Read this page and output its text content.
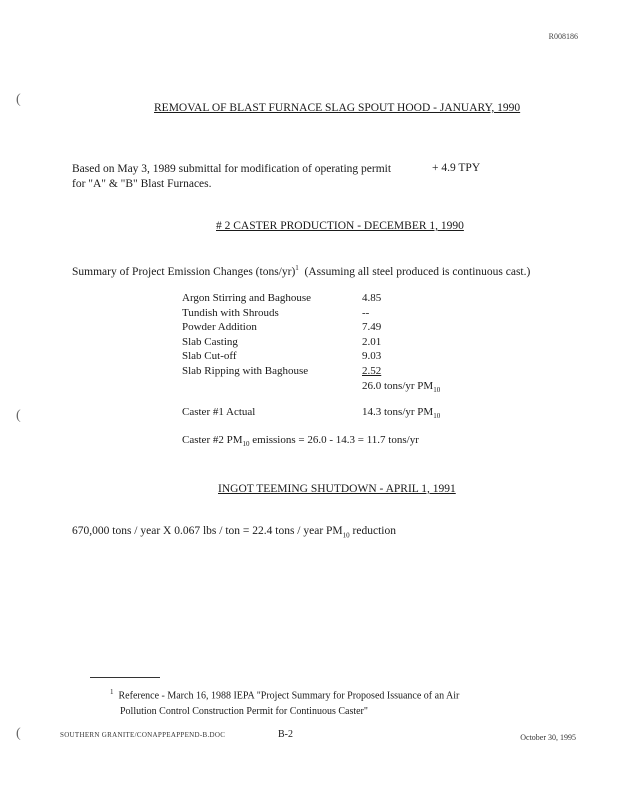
R008186
(
(
(
REMOVAL OF BLAST FURNACE SLAG SPOUT HOOD - JANUARY, 1990
Based on May 3, 1989 submittal for modification of operating permit
for "A" & "B" Blast Furnaces.
+ 4.9 TPY
# 2 CASTER PRODUCTION - DECEMBER 1, 1990
Summary of Project Emission Changes (tons/yr)$^1$ (Assuming all steel produced is continuous cast.)
Argon Stirring and Baghouse	4.85
Tundish with Shrouds	--
Powder Addition	7.49
Slab Casting	2.01
Slab Cut-off	9.03
Slab Ripping with Baghouse	2.52
26.0 tons/yr $PM_{10}$
Caster #1 Actual	14.3 tons/yr $PM_{10}$
Caster #2 $PM_{10}$ emissions = 26.0 - 14.3 = 11.7 tons/yr
INGOT TEEMING SHUTDOWN - APRIL 1, 1991
670,000 tons / year X 0.067 lbs / ton = 22.4 tons / year $PM_{10}$ reduction
$^1$ Reference - March 16, 1988 IEPA "Project Summary for Proposed Issuance of an Air
Pollution Control Construction Permit for Continuous Caster"
SOUTHERN GRANITE/CONAPPEAPPEND-B.DOC	B-2	October 30, 1995
